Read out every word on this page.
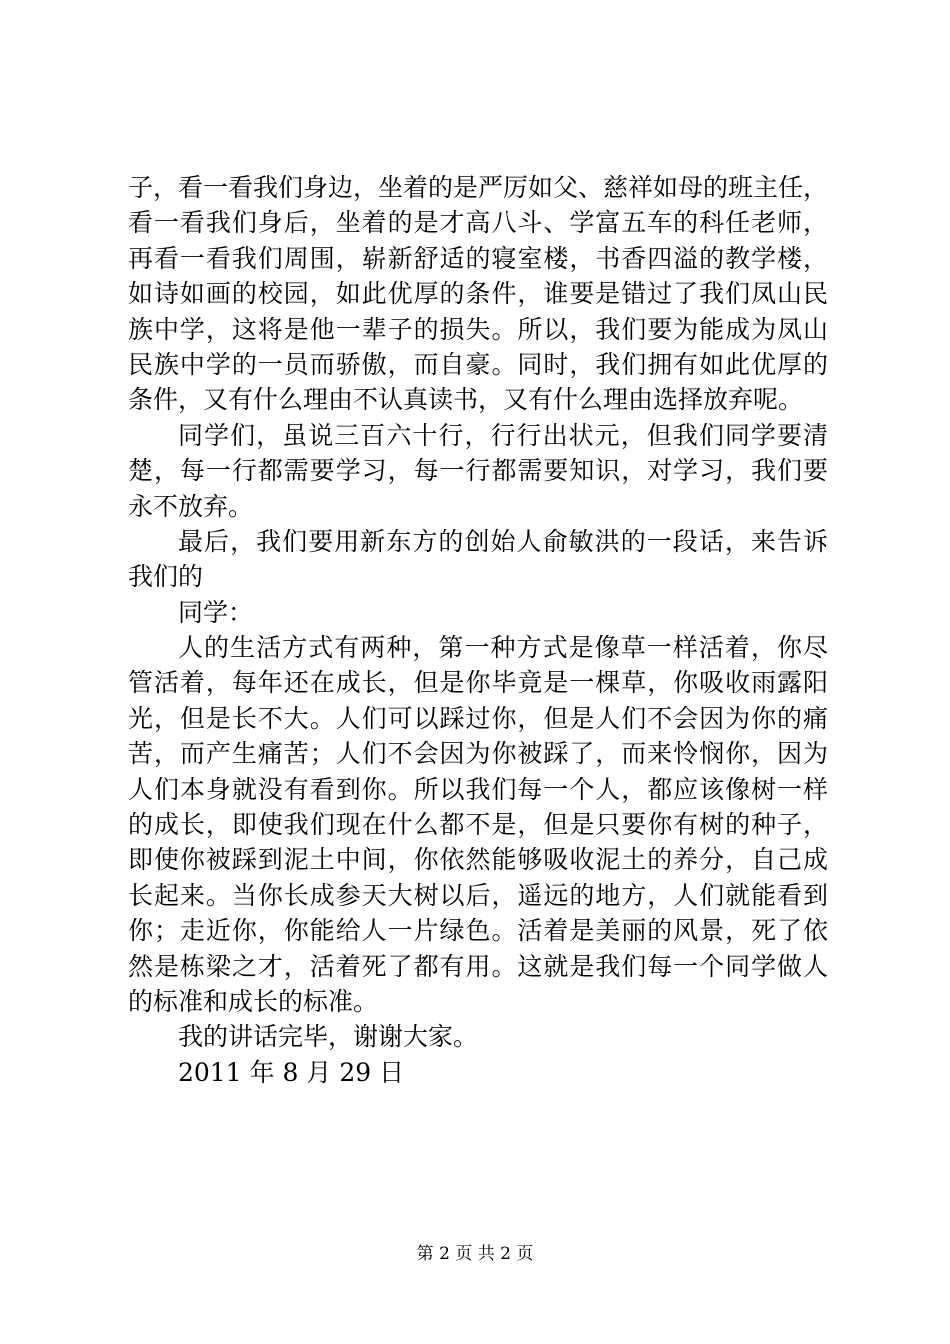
子，看一看我们身边，坐着的是严厉如父、慈祥如母的班主任，
看一看我们身后，坐着的是才高八斗、学富五车的科任老师，
再看一看我们周围，崭新舒适的寝室楼，书香四溢的教学楼，
如诗如画的校园，如此优厚的条件，谁要是错过了我们凤山民
族中学，这将是他一辈子的损失。所以，我们要为能成为凤山
民族中学的一员而骄傲，而自豪。同时，我们拥有如此优厚的
条件，又有什么理由不认真读书，又有什么理由选择放弃呢。
同学们，虽说三百六十行，行行出状元，但我们同学要清
楚，每一行都需要学习，每一行都需要知识，对学习，我们要
永不放弃。
最后，我们要用新东方的创始人俞敏洪的一段话，来告诉
我们的
同学：
人的生活方式有两种，第一种方式是像草一样活着，你尽
管活着，每年还在成长，但是你毕竟是一棵草，你吸收雨露阳
光，但是长不大。人们可以踩过你，但是人们不会因为你的痛
苦，而产生痛苦；人们不会因为你被踩了，而来怜悯你，因为
人们本身就没有看到你。所以我们每一个人，都应该像树一样
的成长，即使我们现在什么都不是，但是只要你有树的种子，
即使你被踩到泥土中间，你依然能够吸收泥土的养分，自己成
长起来。当你长成参天大树以后，遥远的地方，人们就能看到
你；走近你，你能给人一片绿色。活着是美丽的风景，死了依
然是栋梁之才，活着死了都有用。这就是我们每一个同学做人
的标准和成长的标准。
我的讲话完毕，谢谢大家。
2011 年 8 月 29 日
第 2 页 共 2 页
